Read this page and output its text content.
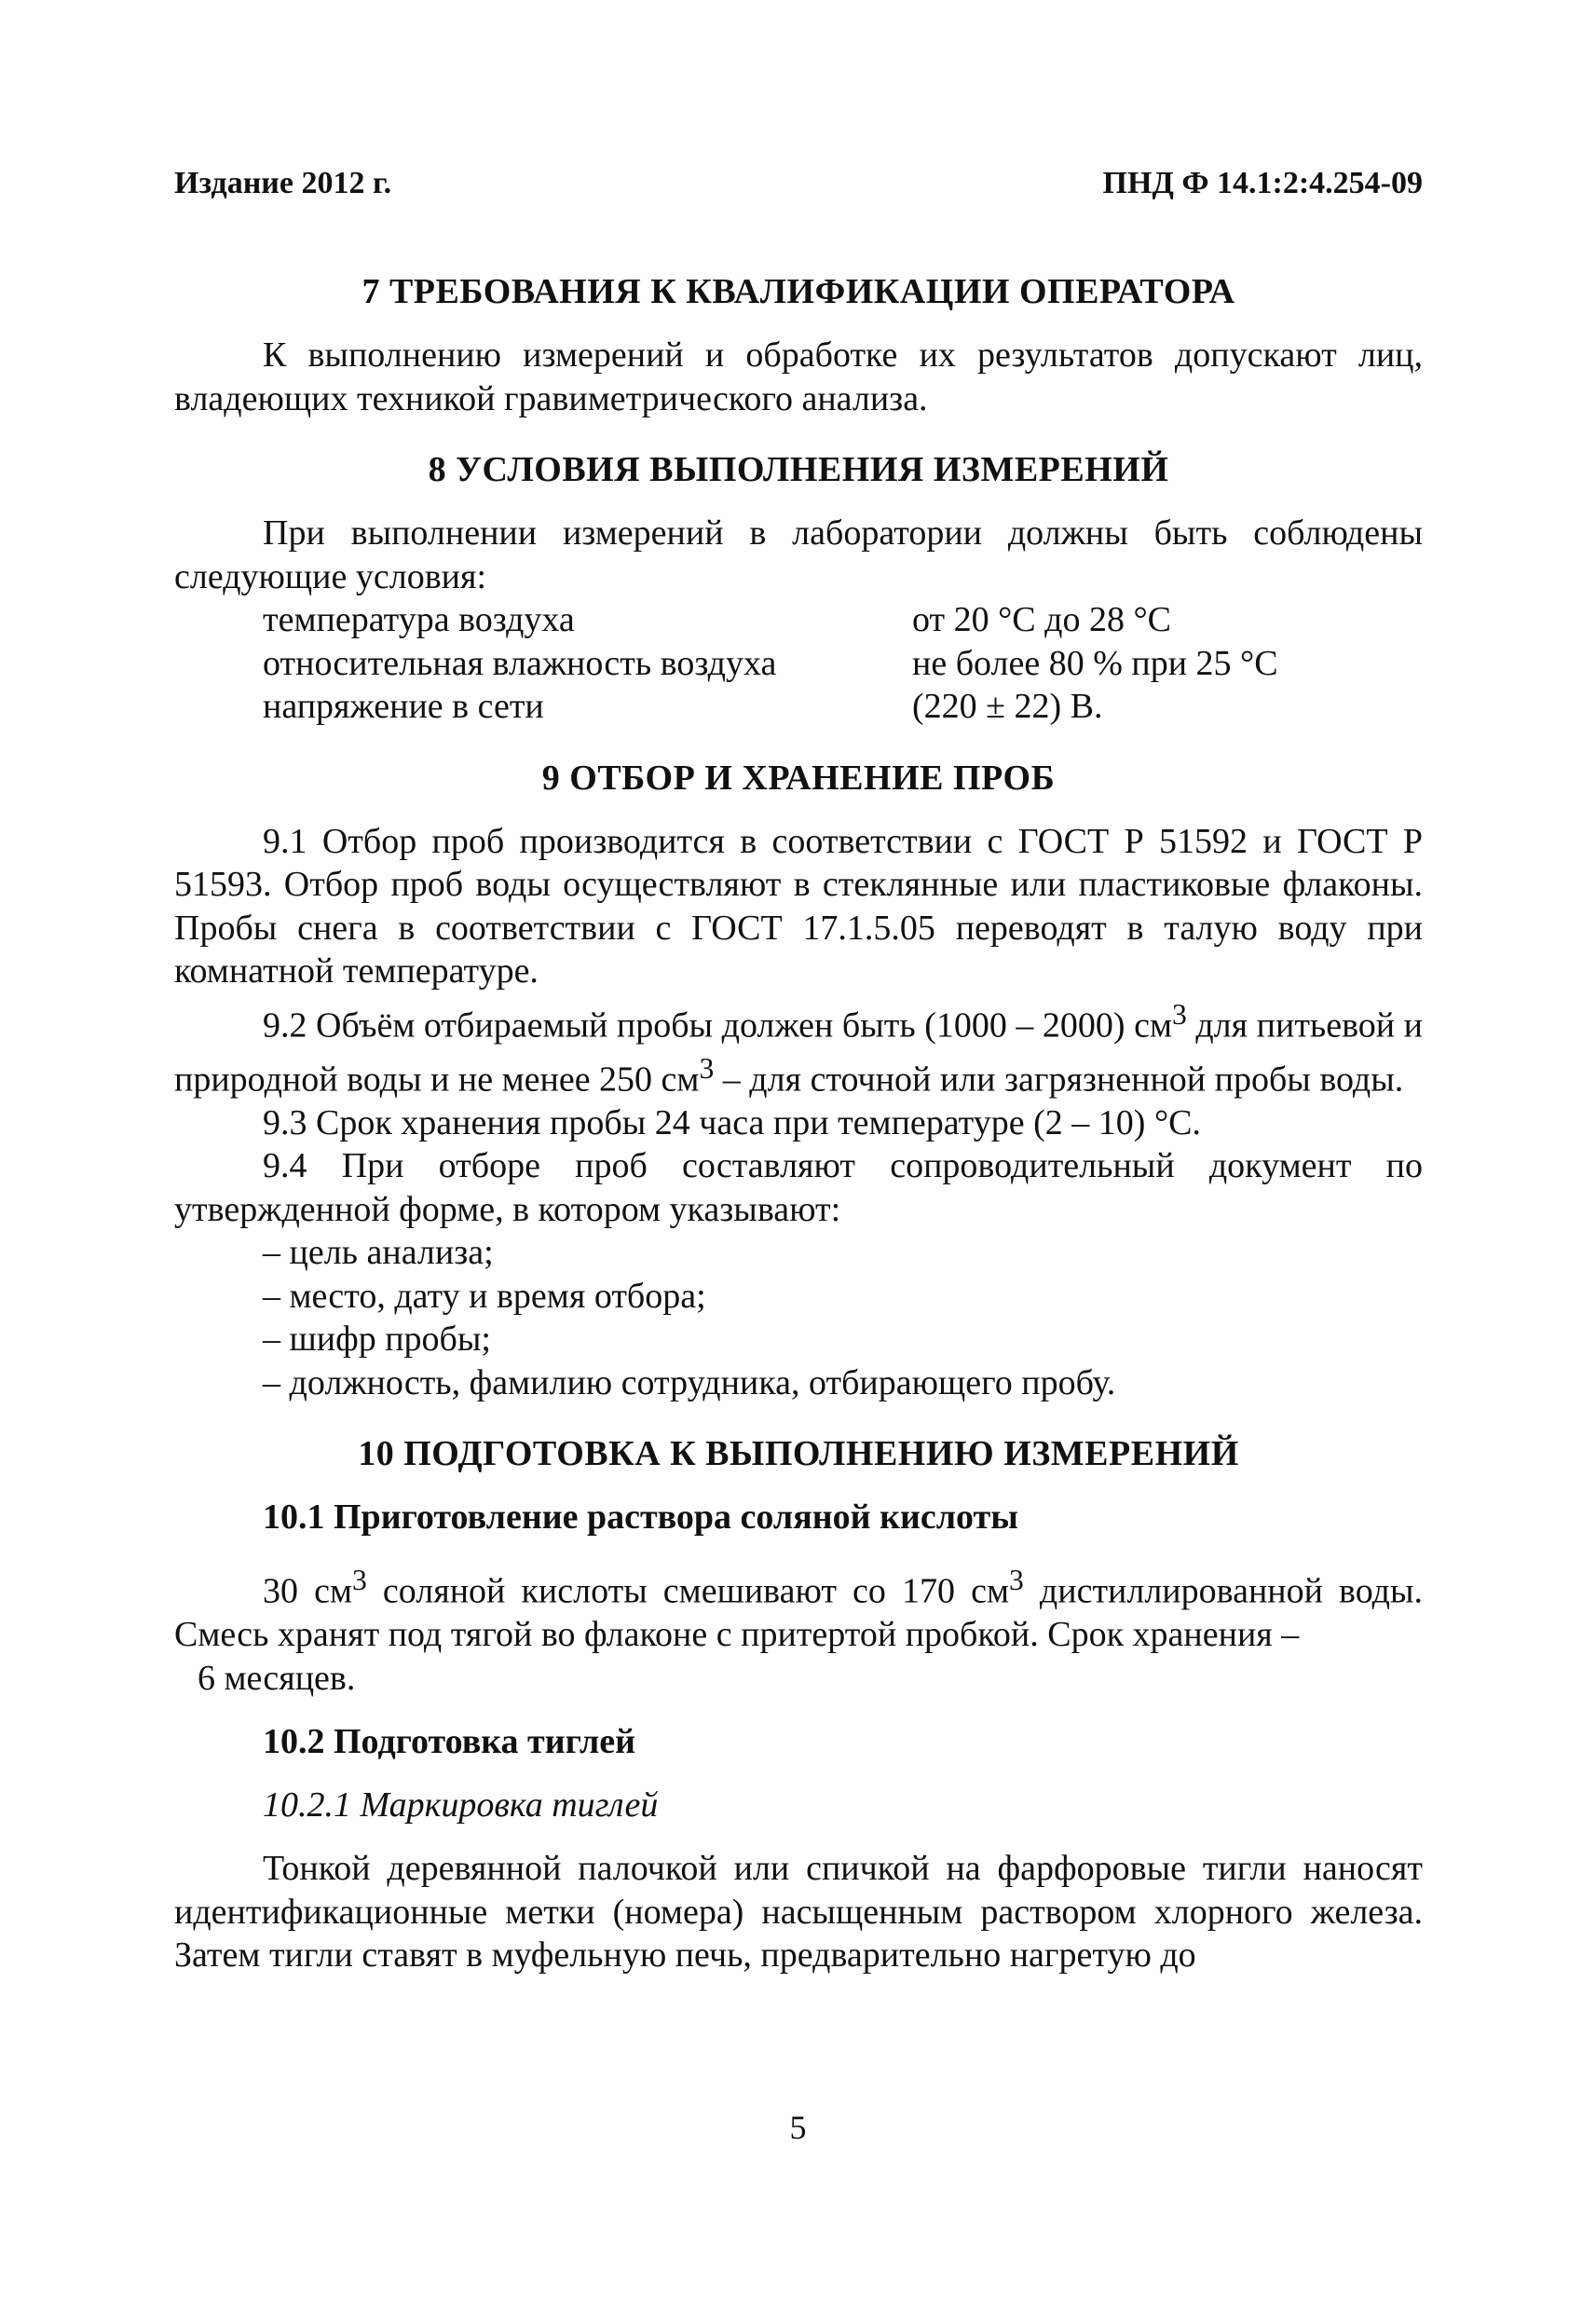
Издание 2012 г.	ПНД Ф 14.1:2:4.254-09
7 ТРЕБОВАНИЯ К КВАЛИФИКАЦИИ ОПЕРАТОРА

К выполнению измерений и обработке их результатов допускают лиц, владеющих техникой гравиметрического анализа.

8 УСЛОВИЯ ВЫПОЛНЕНИЯ ИЗМЕРЕНИЙ

При выполнении измерений в лаборатории должны быть соблюдены следующие условия:

температура воздуха	от 20 °С до 28 °С
относительная влажность воздуха	не более 80 % при 25 °С
напряжение в сети	(220 ± 22) В.
9 ОТБОР И ХРАНЕНИЕ ПРОБ

9.1 Отбор проб производится в соответствии с ГОСТ Р 51592 и ГОСТ Р 51593. Отбор проб воды осуществляют в стеклянные или пластиковые флаконы. Пробы снега в соответствии с ГОСТ 17.1.5.05 переводят в талую воду при комнатной температуре.

9.2 Объём отбираемый пробы должен быть (1000 – 2000) $см^3$ для питьевой и природной воды и не менее 250 $см^3$ – для сточной или загрязненной пробы воды.

9.3 Срок хранения пробы 24 часа при температуре (2 – 10) °С.

9.4 При отборе проб составляют сопроводительный документ по утвержденной форме, в котором указывают:

– цель анализа;
– место, дату и время отбора;
– шифр пробы;
– должность, фамилию сотрудника, отбирающего пробу.
10 ПОДГОТОВКА К ВЫПОЛНЕНИЮ ИЗМЕРЕНИЙ
10.1 Приготовление раствора соляной кислоты

30 $см^3$ соляной кислоты смешивают со 170 $см^3$ дистиллированной воды. Смесь хранят под тягой во флаконе с притертой пробкой. Срок хранения –

6 месяцев.

10.2 Подготовка тиглей
10.2.1 Маркировка тиглей

Тонкой деревянной палочкой или спичкой на фарфоровые тигли наносят идентификационные метки (номера) насыщенным раствором хлорного железа. Затем тигли ставят в муфельную печь, предварительно нагретую до

5
